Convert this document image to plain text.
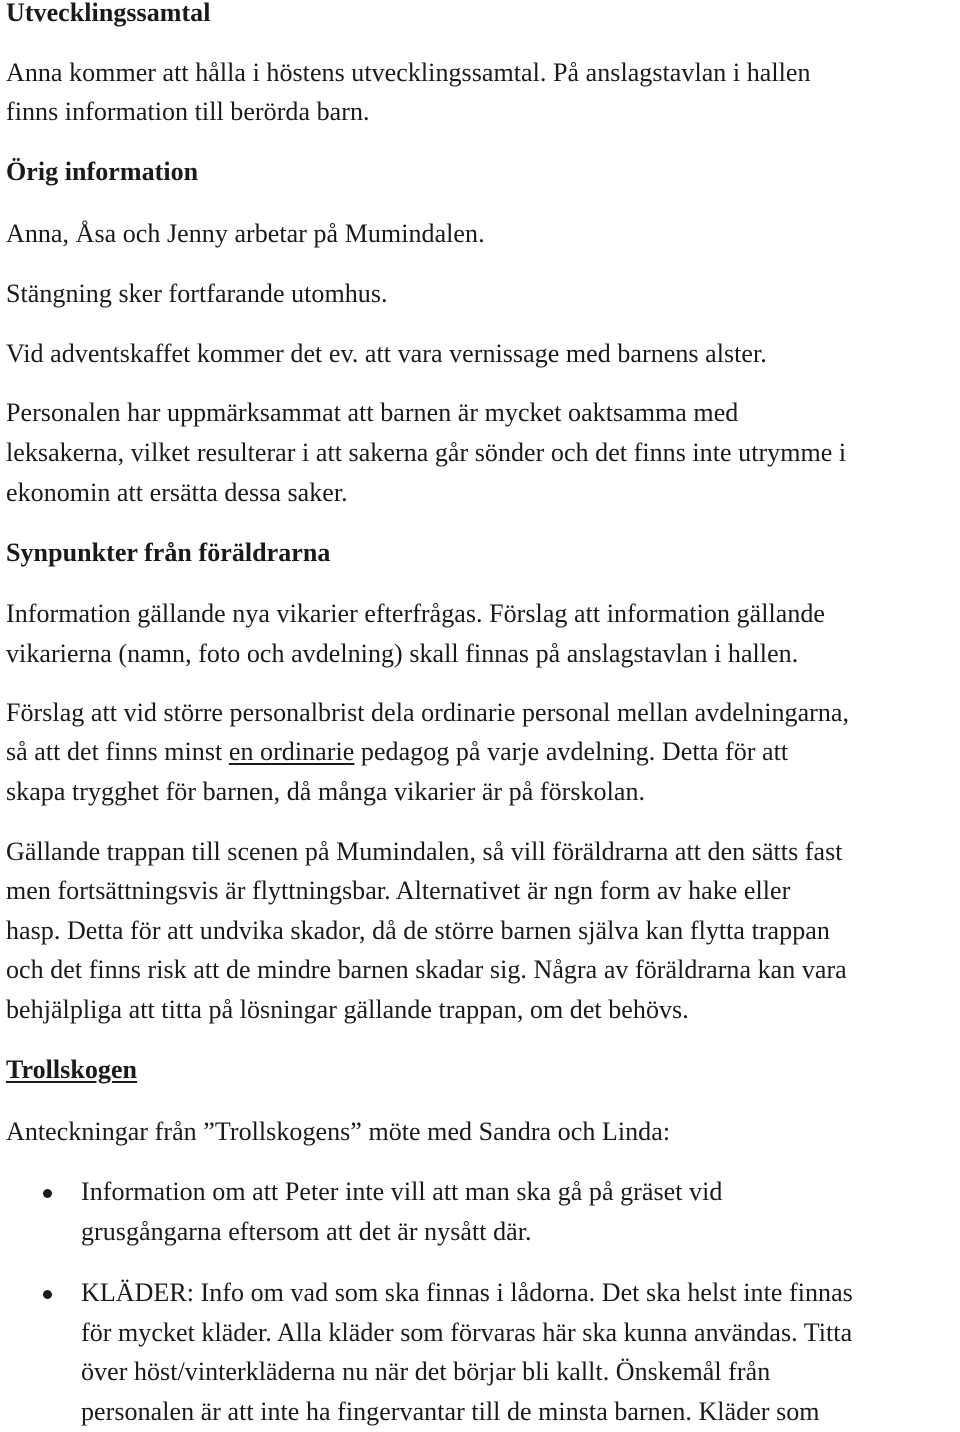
Utvecklingssamtal
Anna kommer att hålla i höstens utvecklingssamtal. På anslagstavlan i hallen
finns information till berörda barn.
Örig information
Anna, Åsa och Jenny arbetar på Mumindalen.
Stängning sker fortfarande utomhus.
Vid adventskaffet kommer det ev. att vara vernissage med barnens alster.
Personalen har uppmärksammat att barnen är mycket oaktsamma med
leksakerna, vilket resulterar i att sakerna går sönder och det finns inte utrymme i
ekonomin att ersätta dessa saker.
Synpunkter från föräldrarna
Information gällande nya vikarier efterfrågas. Förslag att information gällande
vikarierna (namn, foto och avdelning) skall finnas på anslagstavlan i hallen.
Förslag att vid större personalbrist dela ordinarie personal mellan avdelningarna,
så att det finns minst en ordinarie pedagog på varje avdelning. Detta för att
skapa trygghet för barnen, då många vikarier är på förskolan.
Gällande trappan till scenen på Mumindalen, så vill föräldrarna att den sätts fast
men fortsättningsvis är flyttningsbar. Alternativet är ngn form av hake eller
hasp. Detta för att undvika skador, då de större barnen själva kan flytta trappan
och det finns risk att de mindre barnen skadar sig. Några av föräldrarna kan vara
behjälpliga att titta på lösningar gällande trappan, om det behövs.
Trollskogen
Anteckningar från ”Trollskogens” möte med Sandra och Linda:
Information om att Peter inte vill att man ska gå på gräset vid
grusgångarna eftersom att det är nysått där.
KLÄDER: Info om vad som ska finnas i lådorna. Det ska helst inte finnas
för mycket kläder. Alla kläder som förvaras här ska kunna användas. Titta
över höst/vinterkläderna nu när det börjar bli kallt. Önskemål från
personalen är att inte ha fingervantar till de minsta barnen. Kläder som
